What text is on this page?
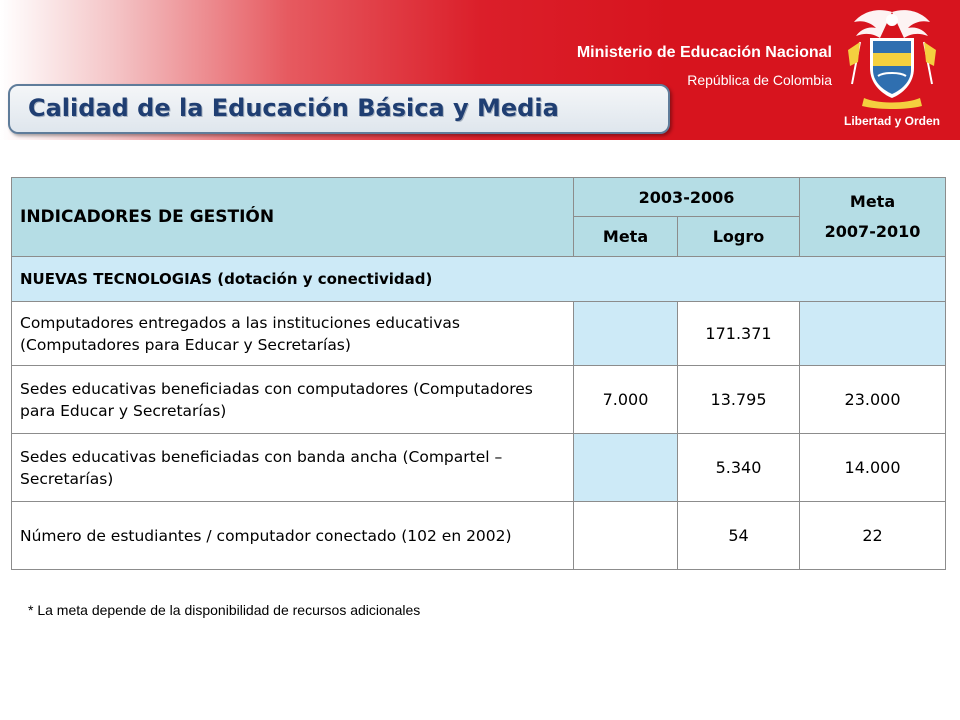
Ministerio de Educación Nacional
República de Colombia
Libertad y Orden
Calidad de la Educación Básica y Media
INDICADORES DE GESTIÓN	2003-2006		Meta
2007-2010

	Meta	Logro	
NUEVAS TECNOLOGIAS (dotación y conectividad)			
Computadores entregados a las instituciones educativas (Computadores para Educar y Secretarías)		171.371	
Sedes educativas beneficiadas con computadores (Computadores para Educar y Secretarías)	7.000	13.795	23.000
Sedes educativas beneficiadas con banda ancha (Compartel – Secretarías)		5.340	14.000
Número de estudiantes / computador conectado (102 en 2002)		54	22
* La meta depende de la disponibilidad de recursos adicionales
